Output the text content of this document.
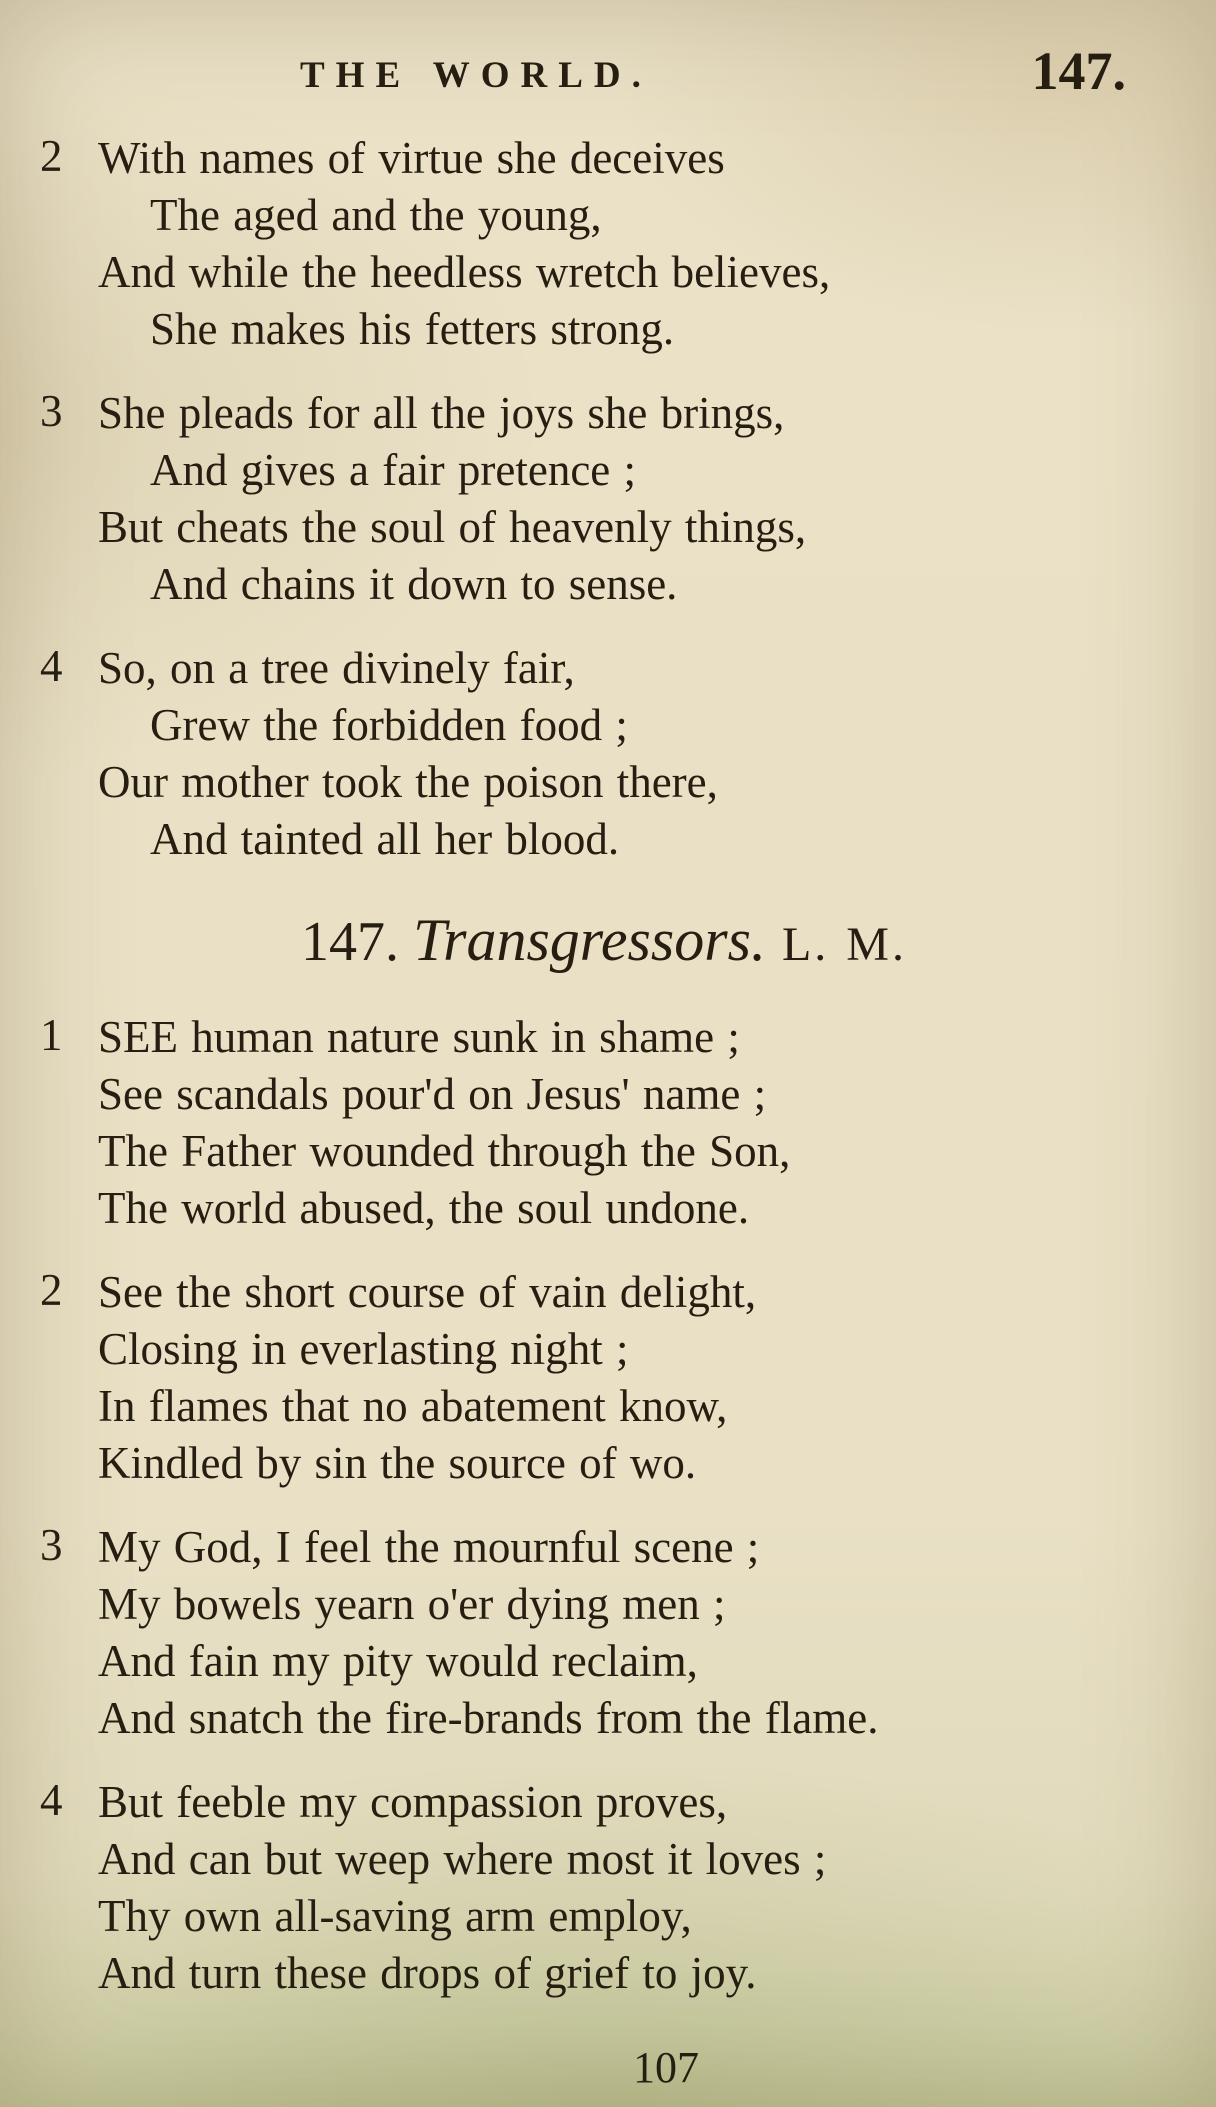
THE WORLD.	147.
2 With names of virtue she deceives
The aged and the young,
And while the heedless wretch believes,
She makes his fetters strong.
3 She pleads for all the joys she brings,
And gives a fair pretence ;
But cheats the soul of heavenly things,
And chains it down to sense.
4 So, on a tree divinely fair,
Grew the forbidden food ;
Our mother took the poison there,
And tainted all her blood.
147. Transgressors. L. M.
1 SEE human nature sunk in shame ;
See scandals pour'd on Jesus' name ;
The Father wounded through the Son,
The world abused, the soul undone.
2 See the short course of vain delight,
Closing in everlasting night ;
In flames that no abatement know,
Kindled by sin the source of wo.
3 My God, I feel the mournful scene ;
My bowels yearn o'er dying men ;
And fain my pity would reclaim,
And snatch the fire-brands from the flame.
4 But feeble my compassion proves,
And can but weep where most it loves ;
Thy own all-saving arm employ,
And turn these drops of grief to joy.
107
